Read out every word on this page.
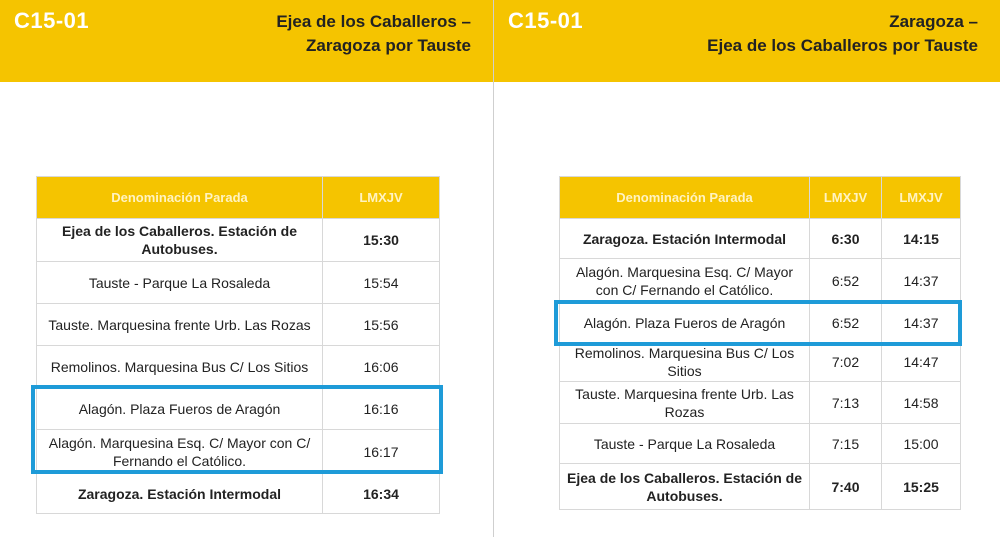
C15-01	Ejea de los Caballeros –
Zaragoza por Tauste
Denominación Parada	LMXJV
Ejea de los Caballeros. Estación de Autobuses.	15:30
Tauste - Parque La Rosaleda	15:54
Tauste. Marquesina frente Urb. Las Rozas	15:56
Remolinos. Marquesina Bus C/ Los Sitios	16:06
Alagón. Plaza Fueros de Aragón	16:16
Alagón. Marquesina Esq. C/ Mayor con C/ Fernando el Católico.	16:17
Zaragoza. Estación Intermodal	16:34
C15-01	Zaragoza –
Ejea de los Caballeros por Tauste
Denominación Parada	LMXJV	LMXJV
Zaragoza. Estación Intermodal	6:30	14:15
Alagón. Marquesina Esq. C/ Mayor con C/ Fernando el Católico.	6:52	14:37
Alagón. Plaza Fueros de Aragón	6:52	14:37
Remolinos. Marquesina Bus C/ Los Sitios	7:02	14:47
Tauste. Marquesina frente Urb. Las Rozas	7:13	14:58
Tauste - Parque La Rosaleda	7:15	15:00
Ejea de los Caballeros. Estación de Autobuses.	7:40	15:25
